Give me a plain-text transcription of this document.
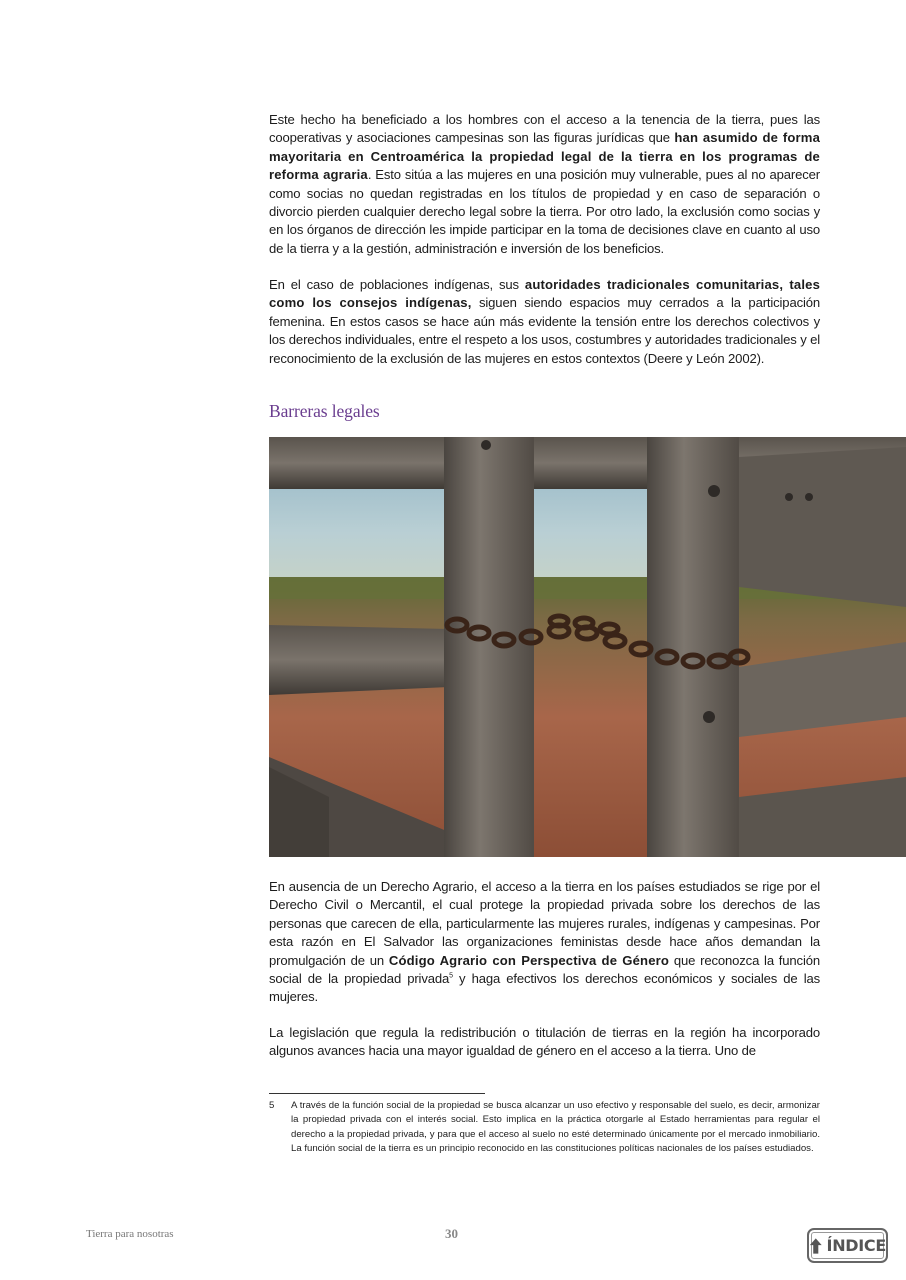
Este hecho ha beneficiado a los hombres con el acceso a la tenencia de la tierra, pues las cooperativas y asociaciones campesinas son las figuras jurídicas que han asumido de forma mayoritaria en Centroamérica la propiedad legal de la tierra en los programas de reforma agraria. Esto sitúa a las mujeres en una posición muy vulnerable, pues al no aparecer como socias no quedan registradas en los títulos de propiedad y en caso de separación o divorcio pierden cualquier derecho legal sobre la tierra. Por otro lado, la exclusión como socias y en los órganos de dirección les impide participar en la toma de decisiones clave en cuanto al uso de la tierra y a la gestión, administración e inversión de los beneficios.
En el caso de poblaciones indígenas, sus autoridades tradicionales comunitarias, tales como los consejos indígenas, siguen siendo espacios muy cerrados a la participación femenina. En estos casos se hace aún más evidente la tensión entre los derechos colectivos y los derechos individuales, entre el respeto a los usos, costumbres y autoridades tradicionales y el reconocimiento de la exclusión de las mujeres en estos contextos (Deere y León 2002).
Barreras legales
En ausencia de un Derecho Agrario, el acceso a la tierra en los países estudiados se rige por el Derecho Civil o Mercantil, el cual protege la propiedad privada sobre los derechos de las personas que carecen de ella, particularmente las mujeres rurales, indígenas y campesinas. Por esta razón en El Salvador las organizaciones feministas desde hace años demandan la promulgación de un Código Agrario con Perspectiva de Género que reconozca la función social de la propiedad privada$^5$ y haga efectivos los derechos económicos y sociales de las mujeres.
La legislación que regula la redistribución o titulación de tierras en la región ha incorporado algunos avances hacia una mayor igualdad de género en el acceso a la tierra. Uno de
5 A través de la función social de la propiedad se busca alcanzar un uso efectivo y responsable del suelo, es decir, armonizar la propiedad privada con el interés social. Esto implica en la práctica otorgarle al Estado herramientas para regular el derecho a la propiedad privada, y para que el acceso al suelo no esté determinado únicamente por el mercado inmobiliario. La función social de la tierra es un principio reconocido en las constituciones políticas nacionales de los países estudiados.
Tierra para nosotras	30
ÍNDICE
